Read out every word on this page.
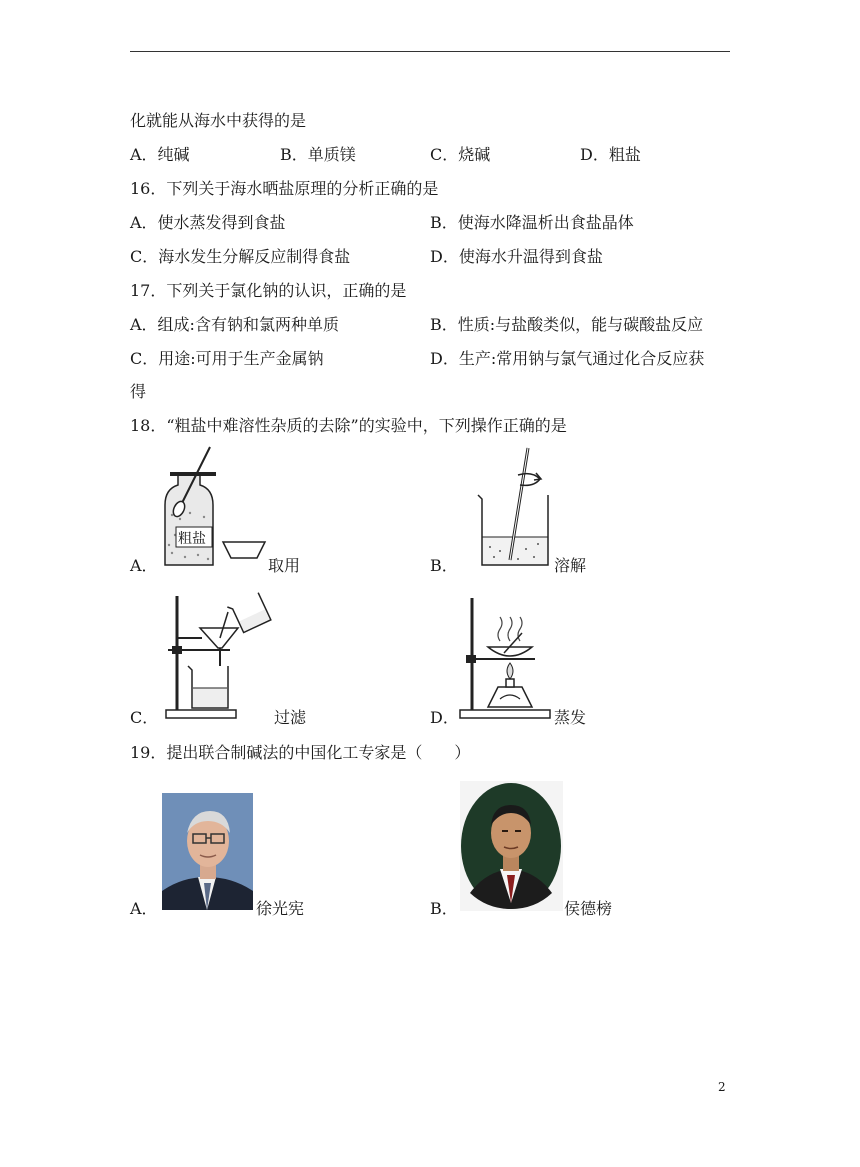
化就能从海水中获得的是
A．纯碱	B．单质镁	C．烧碱	D．粗盐
16．下列关于海水晒盐原理的分析正确的是
A．使水蒸发得到食盐	B．使海水降温析出食盐晶体
C．海水发生分解反应制得食盐	D．使海水升温得到食盐
17．下列关于氯化钠的认识，正确的是
A．组成:含有钠和氯两种单质	B．性质:与盐酸类似，能与碳酸盐反应
C．用途:可用于生产金属钠	D．生产:常用钠与氯气通过化合反应获
得
18．“粗盐中难溶性杂质的去除”的实验中，下列操作正确的是
A．
粗盐
取用	B．	溶解
C．	过滤	D．	蒸发
19．提出联合制碱法的中国化工专家是（　　）
A．	徐光宪	B．	侯德榜
2
